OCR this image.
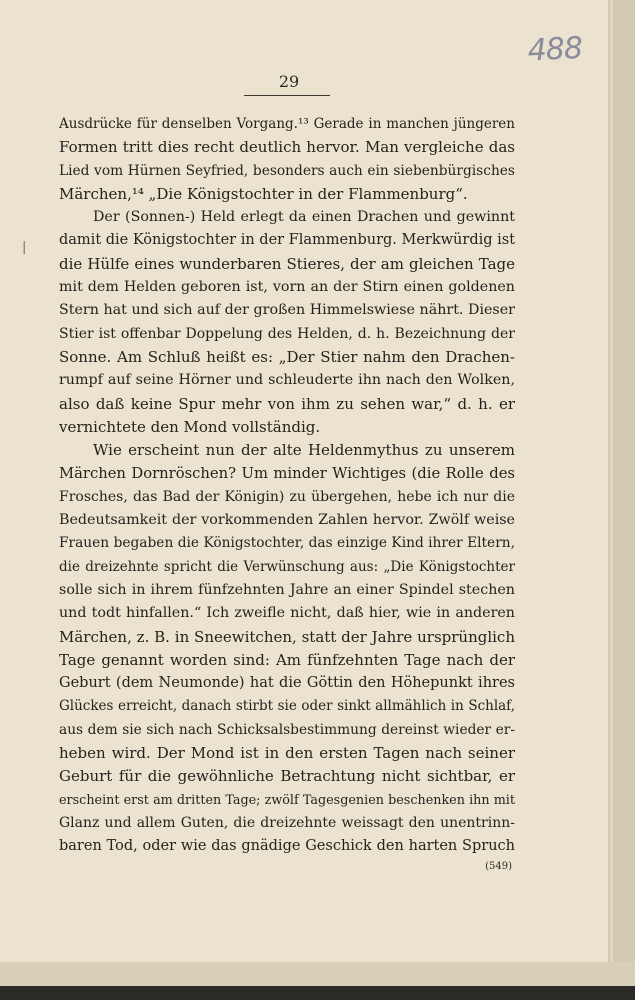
488
29
|
Ausdrücke für denselben Vorgang.¹³ Gerade in manchen jüngeren
Formen tritt dies recht deutlich hervor. Man vergleiche das
Lied vom Hürnen Seyfried, besonders auch ein siebenbürgisches
Märchen,¹⁴ „Die Königstochter in der Flammenburg“.
Der (Sonnen-) Held erlegt da einen Drachen und gewinnt
damit die Königstochter in der Flammenburg. Merkwürdig ist
die Hülfe eines wunderbaren Stieres, der am gleichen Tage
mit dem Helden geboren ist, vorn an der Stirn einen goldenen
Stern hat und sich auf der großen Himmelswiese nährt. Dieser
Stier ist offenbar Doppelung des Helden, d. h. Bezeichnung der
Sonne. Am Schluß heißt es: „Der Stier nahm den Drachen-
rumpf auf seine Hörner und schleuderte ihn nach den Wolken,
also daß keine Spur mehr von ihm zu sehen war,“ d. h. er
vernichtete den Mond vollständig.
Wie erscheint nun der alte Heldenmythus zu unserem
Märchen Dornröschen? Um minder Wichtiges (die Rolle des
Frosches, das Bad der Königin) zu übergehen, hebe ich nur die
Bedeutsamkeit der vorkommenden Zahlen hervor. Zwölf weise
Frauen begaben die Königstochter, das einzige Kind ihrer Eltern,
die dreizehnte spricht die Verwünschung aus: „Die Königstochter
solle sich in ihrem fünfzehnten Jahre an einer Spindel stechen
und todt hinfallen.“ Ich zweifle nicht, daß hier, wie in anderen
Märchen, z. B. in Sneewitchen, statt der Jahre ursprünglich
Tage genannt worden sind: Am fünfzehnten Tage nach der
Geburt (dem Neumonde) hat die Göttin den Höhepunkt ihres
Glückes erreicht, danach stirbt sie oder sinkt allmählich in Schlaf,
aus dem sie sich nach Schicksalsbestimmung dereinst wieder er-
heben wird. Der Mond ist in den ersten Tagen nach seiner
Geburt für die gewöhnliche Betrachtung nicht sichtbar, er
erscheint erst am dritten Tage; zwölf Tagesgenien beschenken ihn mit
Glanz und allem Guten, die dreizehnte weissagt den unentrinn-
baren Tod, oder wie das gnädige Geschick den harten Spruch
(549)
